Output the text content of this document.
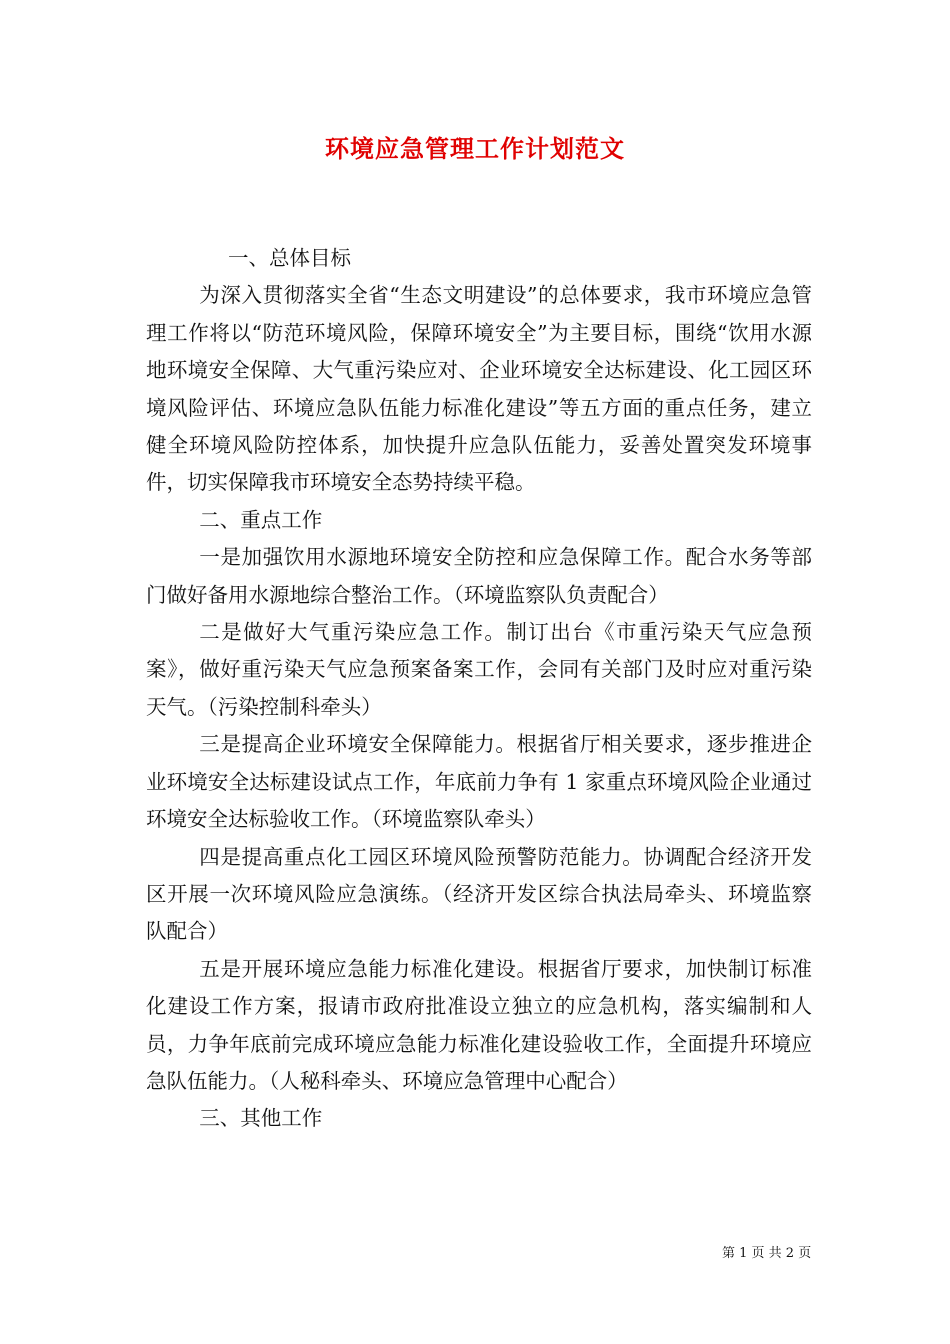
环境应急管理工作计划范文

一、总体目标

为深入贯彻落实全省“生态文明建设”的总体要求，我市环境应急管理工作将以“防范环境风险，保障环境安全”为主要目标，围绕“饮用水源地环境安全保障、大气重污染应对、企业环境安全达标建设、化工园区环境风险评估、环境应急队伍能力标准化建设”等五方面的重点任务，建立健全环境风险防控体系，加快提升应急队伍能力，妥善处置突发环境事件，切实保障我市环境安全态势持续平稳。

二、重点工作

一是加强饮用水源地环境安全防控和应急保障工作。配合水务等部门做好备用水源地综合整治工作。（环境监察队负责配合）

二是做好大气重污染应急工作。制订出台《市重污染天气应急预案》，做好重污染天气应急预案备案工作，会同有关部门及时应对重污染天气。（污染控制科牵头）

三是提高企业环境安全保障能力。根据省厅相关要求，逐步推进企业环境安全达标建设试点工作，年底前力争有 1 家重点环境风险企业通过环境安全达标验收工作。（环境监察队牵头）

四是提高重点化工园区环境风险预警防范能力。协调配合经济开发区开展一次环境风险应急演练。（经济开发区综合执法局牵头、环境监察队配合）

五是开展环境应急能力标准化建设。根据省厅要求，加快制订标准化建设工作方案，报请市政府批准设立独立的应急机构，落实编制和人员，力争年底前完成环境应急能力标准化建设验收工作，全面提升环境应急队伍能力。（人秘科牵头、环境应急管理中心配合）

三、其他工作

第 1 页 共 2 页
